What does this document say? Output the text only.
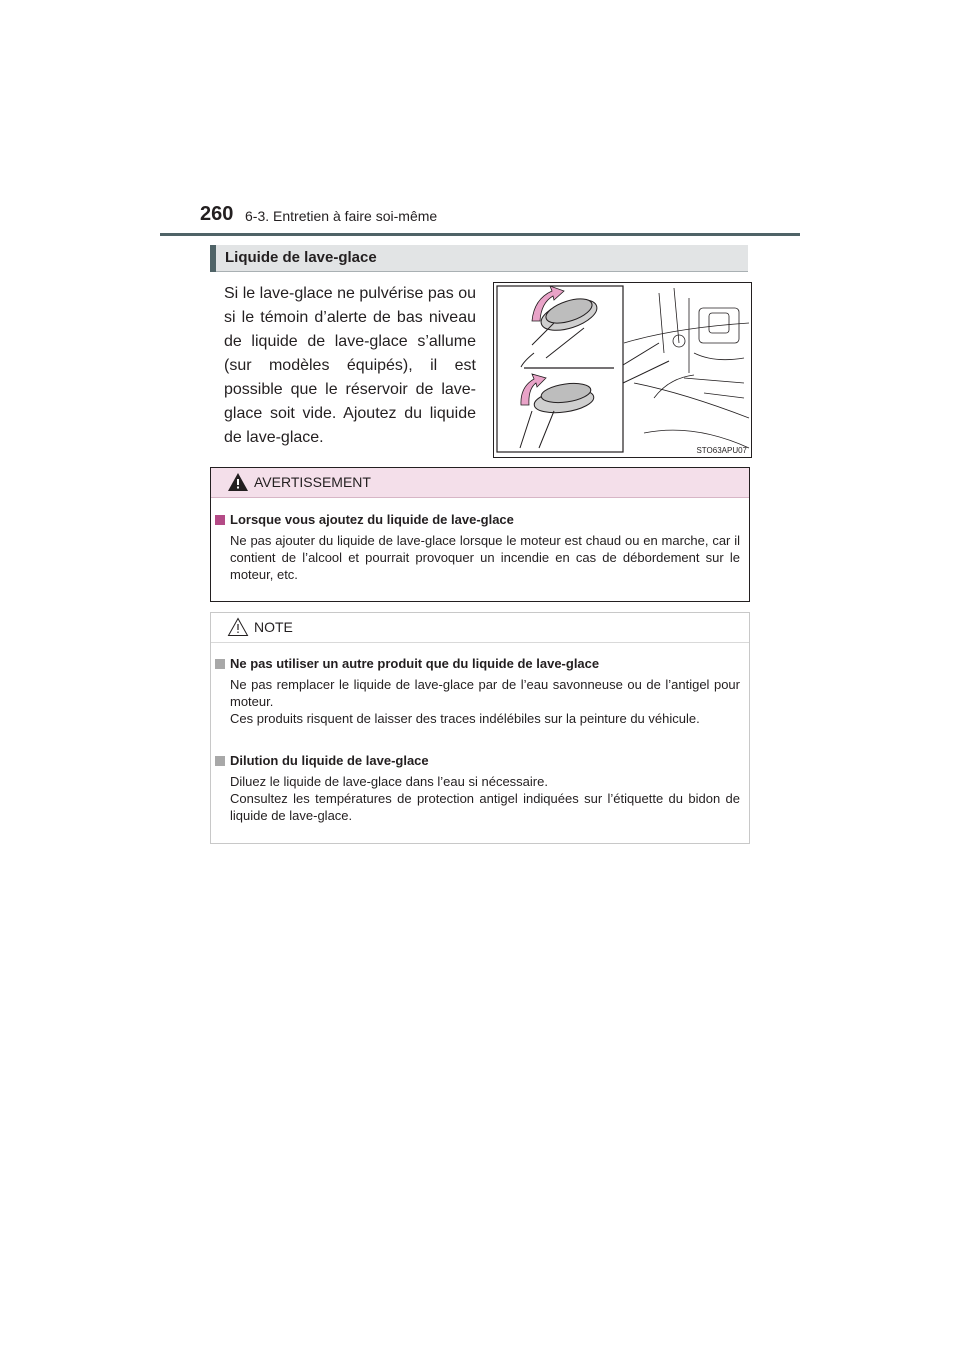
260 6-3. Entretien à faire soi-même
Liquide de lave-glace

Si le lave-glace ne pulvérise pas ou si le témoin d’alerte de bas niveau de liquide de lave-glace s’allume (sur modèles équipés), il est possible que le réservoir de lave-glace soit vide. Ajoutez du liquide de lave-glace.

STO63APU07
AVERTISSEMENT
Lorsque vous ajoutez du liquide de lave-glace

Ne pas ajouter du liquide de lave-glace lorsque le moteur est chaud ou en marche, car il contient de l’alcool et pourrait provoquer un incendie en cas de débordement sur le moteur, etc.

NOTE
Ne pas utiliser un autre produit que du liquide de lave-glace

Ne pas remplacer le liquide de lave-glace par de l’eau savonneuse ou de l’antigel pour moteur.

Ces produits risquent de laisser des traces indélébiles sur la peinture du véhicule.

Dilution du liquide de lave-glace

Diluez le liquide de lave-glace dans l’eau si nécessaire.

Consultez les températures de protection antigel indiquées sur l’étiquette du bidon de liquide de lave-glace.
